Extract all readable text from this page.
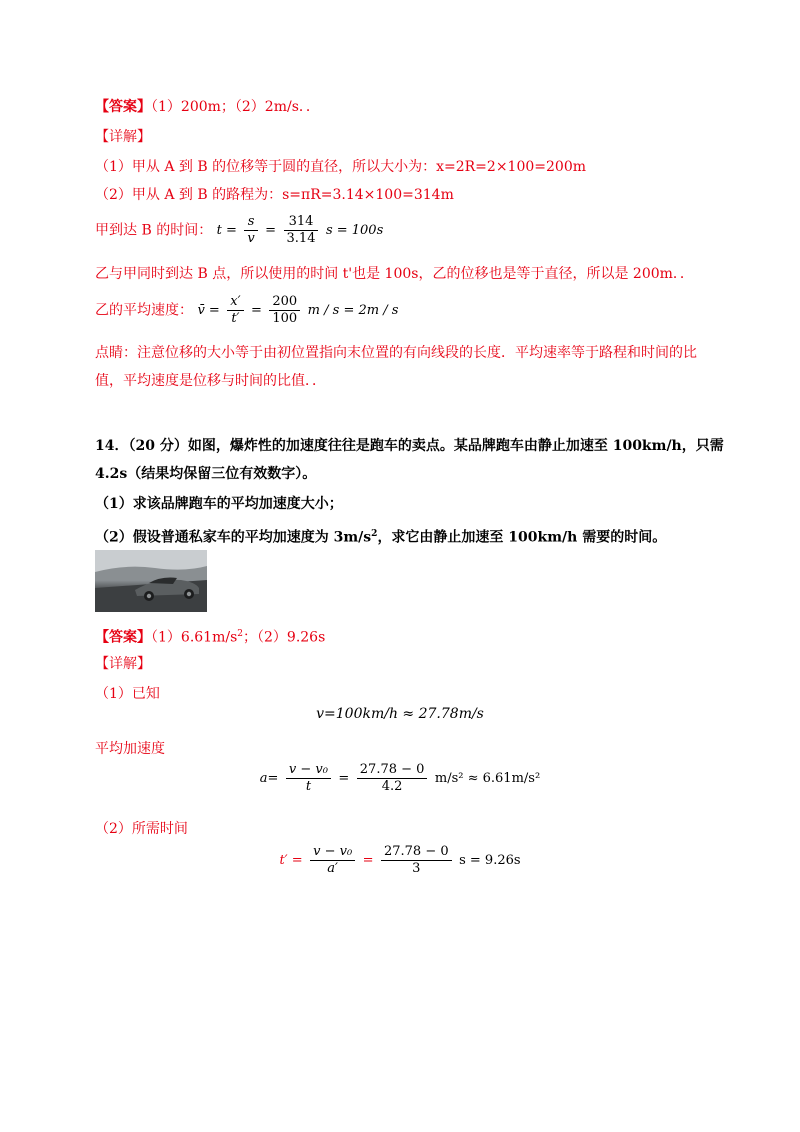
【答案】（1）200m；（2）2m/s．．
【详解】
（1）甲从 A 到 B 的位移等于圆的直径，所以大小为：x=2R=2×100=200m
（2）甲从 A 到 B 的路程为：s=πR=3.14×100=314m
甲到达 B 的时间： $t = \frac{s}{v} = \frac{314}{3.14}$ s = 100s
乙与甲同时到达 B 点，所以使用的时间 t'也是 100s，乙的位移也是等于直径，所以是 200m．．
乙的平均速度： v̄ = $\frac{x'}{t'} = \frac{200}{100}$ m / s = 2m / s
点睛：注意位移的大小等于由初位置指向末位置的有向线段的长度．平均速率等于路程和时间的比
值，平均速度是位移与时间的比值．．
14．（20 分）如图，爆炸性的加速度往往是跑车的卖点。某品牌跑车由静止加速至 100km/h，只需
4.2s（结果均保留三位有效数字）。
（1）求该品牌跑车的平均加速度大小；
（2）假设普通私家车的平均加速度为 $3m/s^2$，求它由静止加速至 100km/h 需要的时间。
【答案】$(1)6.61m/s^2$；（2）9.26s
【详解】
（1）已知
v=100km/h ≈ 27.78m/s
平均加速度
$a= \frac{\text{v − v₀}}{t} = \frac{27.78 - 0}{4.2} m/s^2 \approx 6.61m/s^2$
（2）所需时间
$t' = \frac{\text{v − v₀}}{a'} = \frac{27.78 - 0}{3}$ s = 9.26s
